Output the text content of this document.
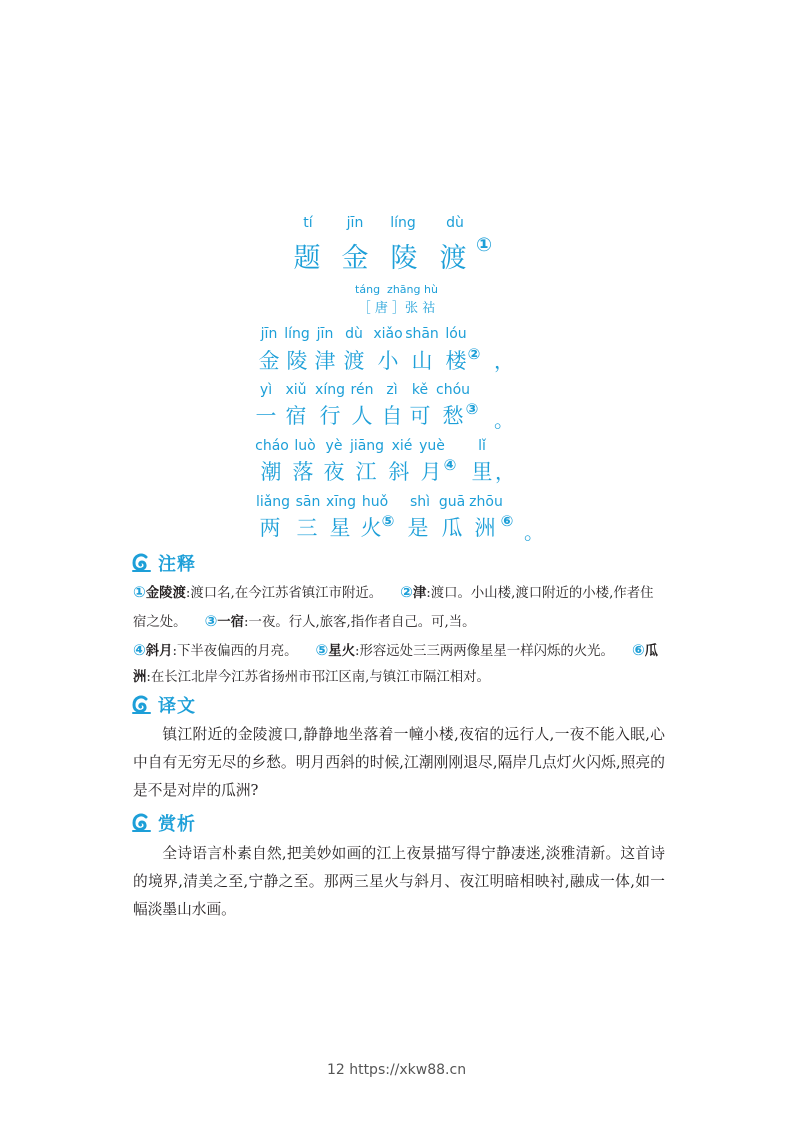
tí jīn líng dù
题 金 陵 渡 ①
táng  zhāng hù
［ 唐 ］张 祜
jīn líng jīn dù xiǎo shān lóu
金 陵 津 渡 小 山 楼 ② ，
yì xiǔ xíng rén zì kě chóu
一 宿 行 人 自 可 愁 ③ 。
cháo luò yè jiāng xié yuè lǐ
潮 落 夜 江 斜 月 ④ 里 ，
liǎng sān xīng huǒ shì guā zhōu
两 三 星 火 ⑤ 是 瓜 洲 ⑥ 。
注释
①金陵渡:渡口名,在今江苏省镇江市附近。 ②津:渡口。小山楼,渡口附近的小楼,作者住宿之处。 ③一宿:一夜。行人,旅客,指作者自己。可,当。
④斜月:下半夜偏西的月亮。 ⑤星火:形容远处三三两两像星星一样闪烁的火光。 ⑥瓜洲:在长江北岸今江苏省扬州市邗江区南,与镇江市隔江相对。
译文
镇江附近的金陵渡口,静静地坐落着一幢小楼,夜宿的远行人,一夜不能入眠,心中自有无穷无尽的乡愁。明月西斜的时候,江潮刚刚退尽,隔岸几点灯火闪烁,照亮的是不是对岸的瓜洲?
赏析
全诗语言朴素自然,把美妙如画的江上夜景描写得宁静凄迷,淡雅清新。这首诗的境界,清美之至,宁静之至。那两三星火与斜月、夜江明暗相映衬,融成一体,如一幅淡墨山水画。
12 https://xkw88.cn
